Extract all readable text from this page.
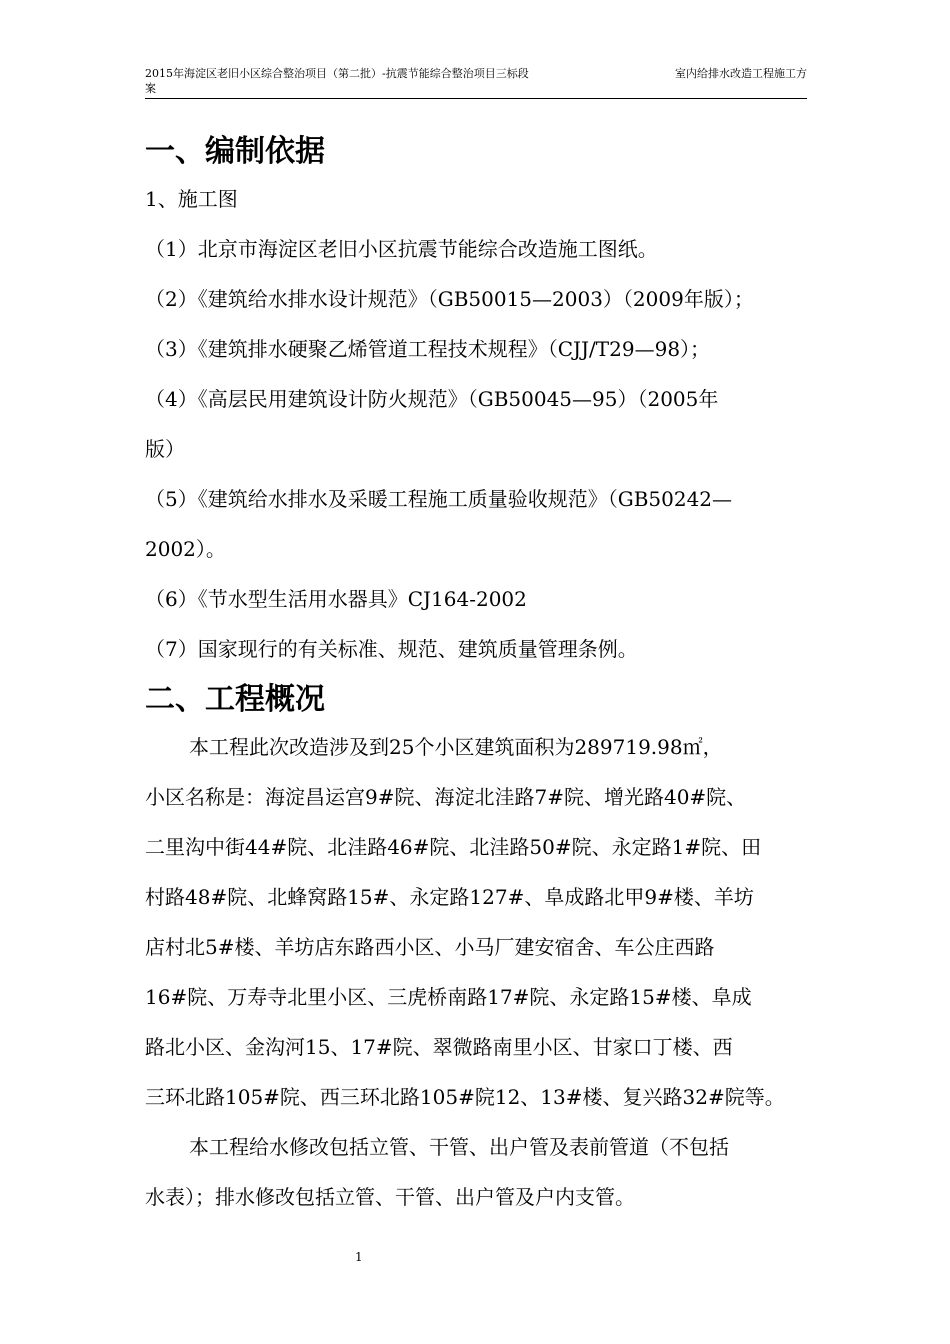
2015年海淀区老旧小区综合整治项目（第二批）-抗震节能综合整治项目三标段
案
室内给排水改造工程施工方
一、编制依据
1、施工图
（1）北京市海淀区老旧小区抗震节能综合改造施工图纸。
（2）《建筑给水排水设计规范》（GB50015—2003）（2009年版）；
（3）《建筑排水硬聚乙烯管道工程技术规程》（CJJ/T29—98）；
（4）《高层民用建筑设计防火规范》（GB50045—95）（2005年
版）
（5）《建筑给水排水及采暖工程施工质量验收规范》（GB50242—
2002）。
（6）《节水型生活用水器具》CJ164-2002
（7）国家现行的有关标准、规范、建筑质量管理条例。
二、工程概况
本工程此次改造涉及到25个小区建筑面积为289719.98㎡，
小区名称是：海淀昌运宫9#院、海淀北洼路7#院、增光路40#院、
二里沟中街44#院、北洼路46#院、北洼路50#院、永定路1#院、田
村路48#院、北蜂窝路15#、永定路127#、阜成路北甲9#楼、羊坊
店村北5#楼、羊坊店东路西小区、小马厂建安宿舍、车公庄西路
16#院、万寿寺北里小区、三虎桥南路17#院、永定路15#楼、阜成
路北小区、金沟河15、17#院、翠微路南里小区、甘家口丁楼、西
三环北路105#院、西三环北路105#院12、13#楼、复兴路32#院等。
本工程给水修改包括立管、干管、出户管及表前管道（不包括
水表）；排水修改包括立管、干管、出户管及户内支管。
1
